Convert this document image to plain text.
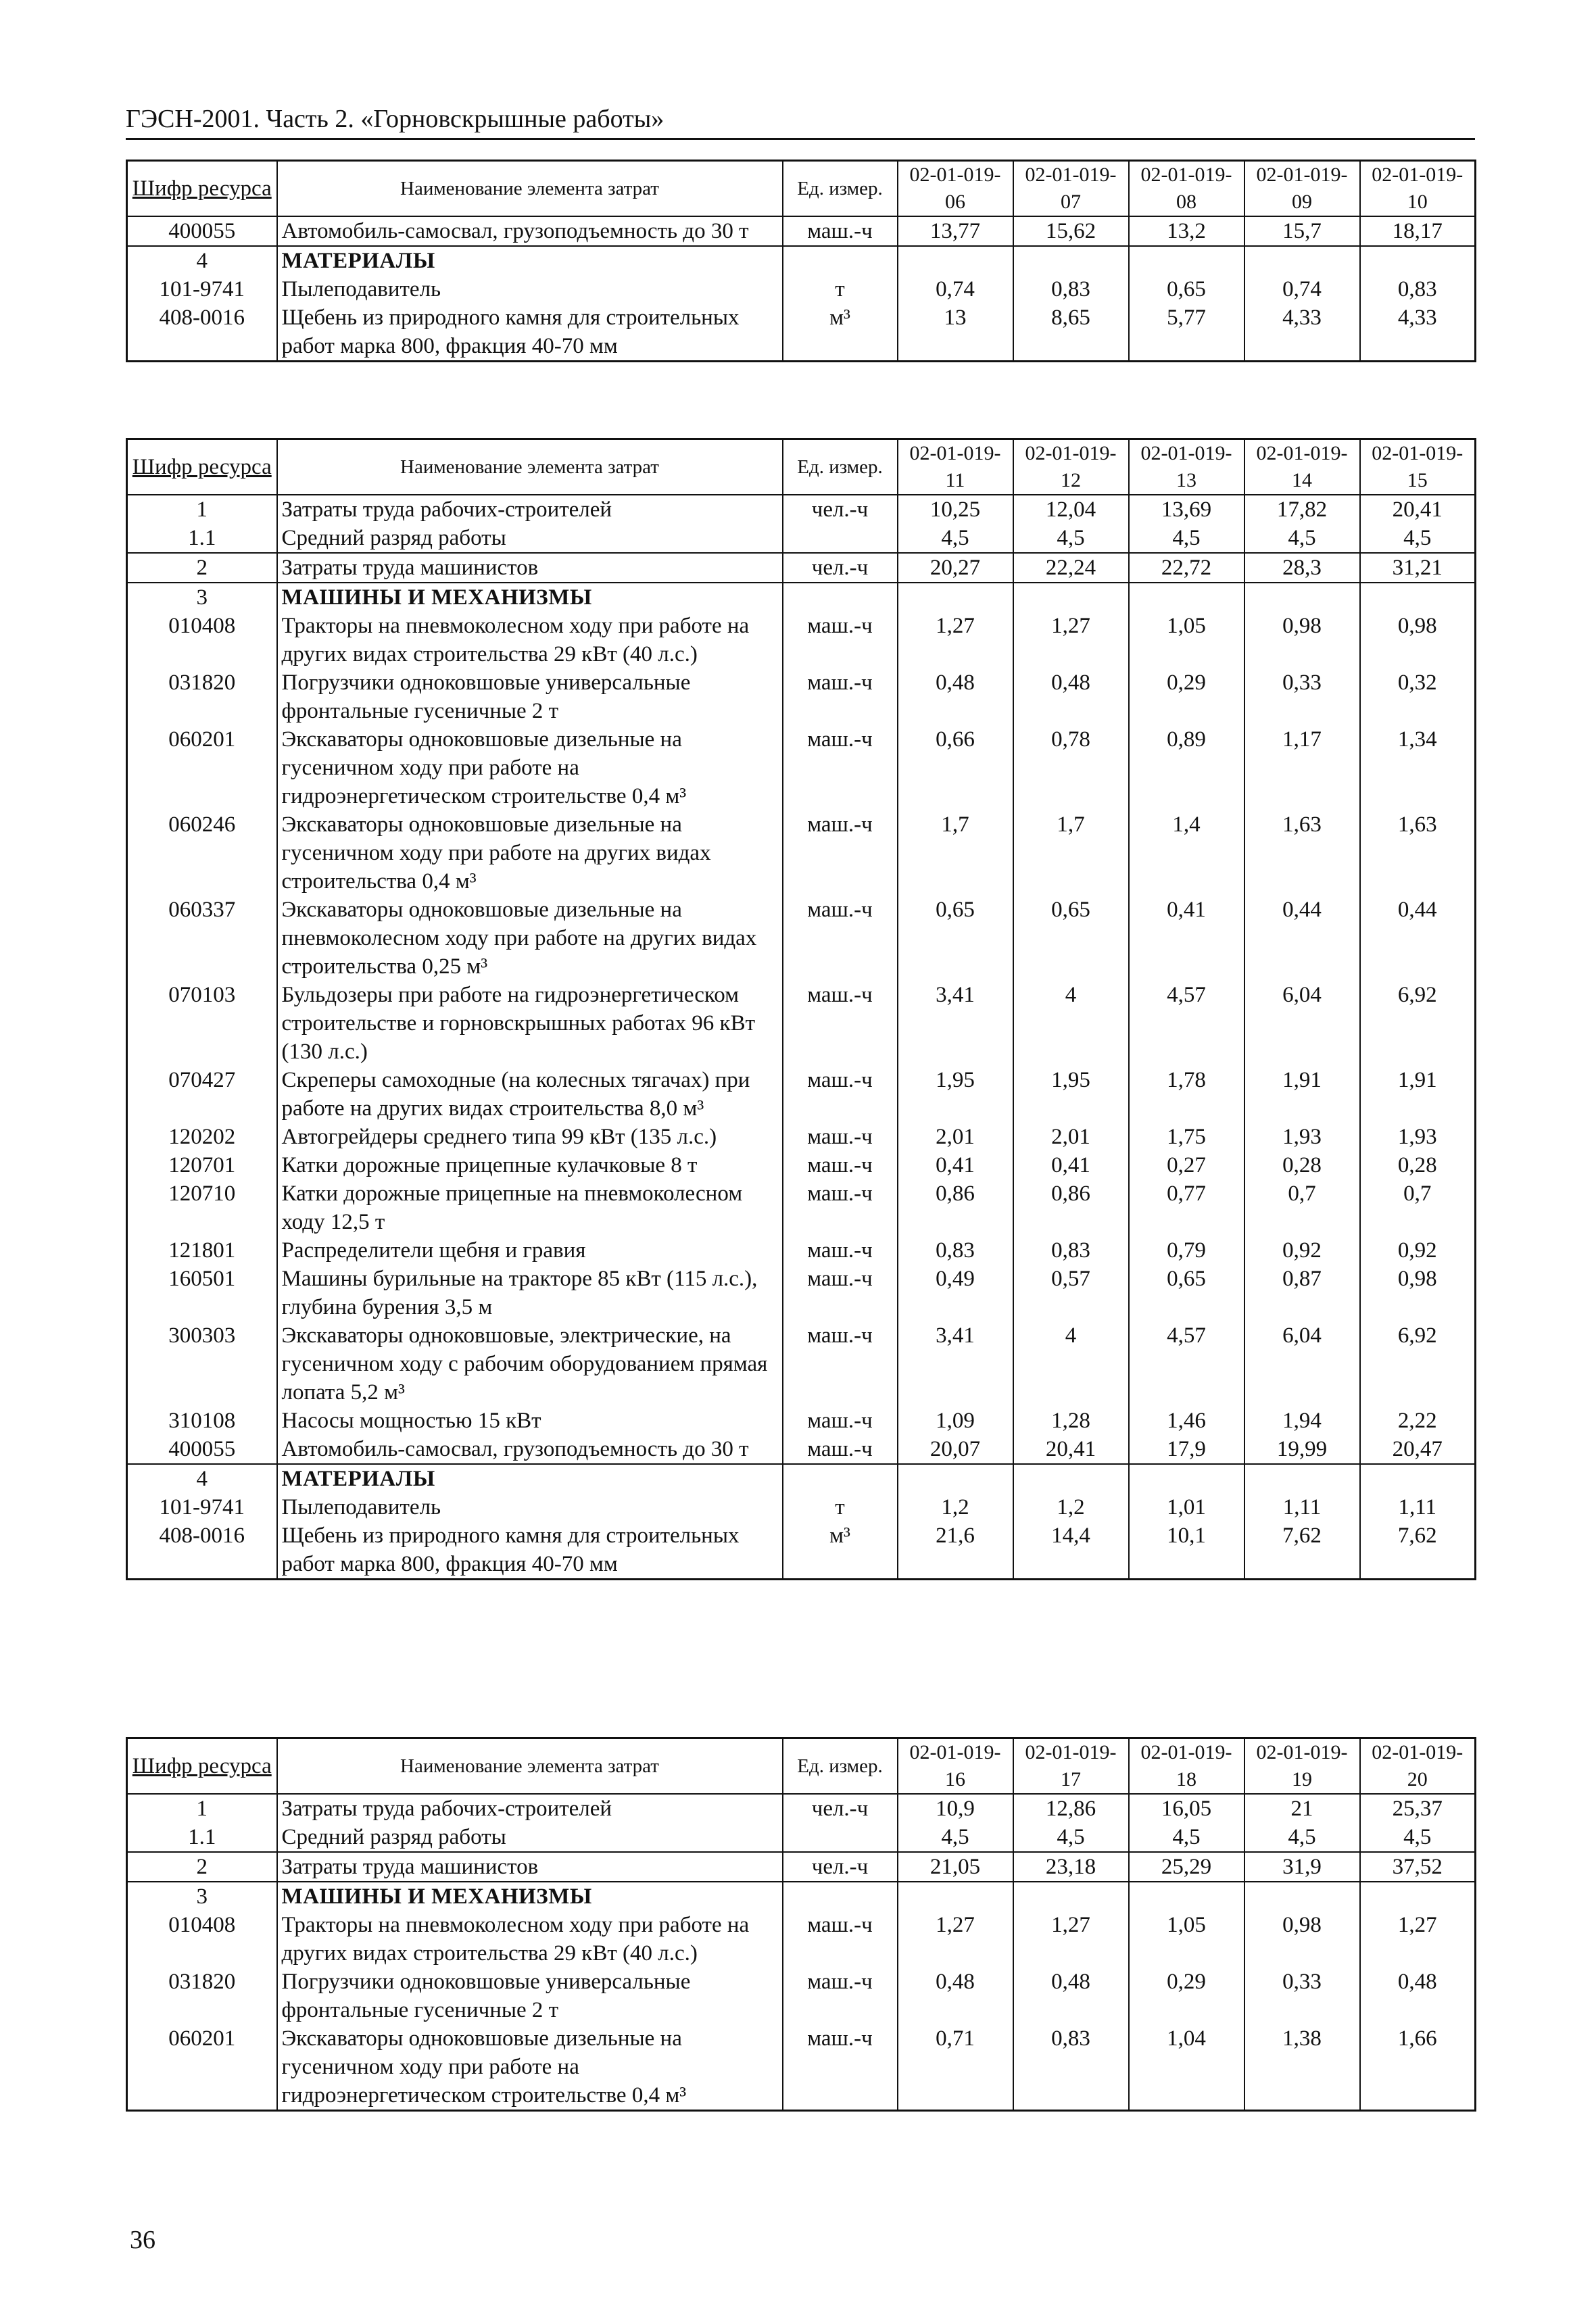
ГЭСН-2001. Часть 2. «Горновскрышные работы»
Шифр ресурса	Наименование элемента затрат	Ед. измер.	02-01-019-06	02-01-019-07	02-01-019-08	02-01-019-09	02-01-019-10

400055	Автомобиль-самосвал, грузоподъемность до 30 т	маш.-ч	13,77	15,62	13,2	15,7	18,17
4	МАТЕРИАЛЫ						
101-9741	Пылеподавитель	т	0,74	0,83	0,65	0,74	0,83
408-0016	Щебень из природного камня для строительных работ марка 800, фракция 40-70 мм	м³	13	8,65	5,77	4,33	4,33
Шифр ресурса	Наименование элемента затрат	Ед. измер.	02-01-019-11	02-01-019-12	02-01-019-13	02-01-019-14	02-01-019-15

1	Затраты труда рабочих-строителей	чел.-ч	10,25	12,04	13,69	17,82	20,41
1.1	Средний разряд работы		4,5	4,5	4,5	4,5	4,5
2	Затраты труда машинистов	чел.-ч	20,27	22,24	22,72	28,3	31,21
3	МАШИНЫ И МЕХАНИЗМЫ						
010408	Тракторы на пневмоколесном ходу при работе на других видах строительства 29 кВт (40 л.с.)	маш.-ч	1,27	1,27	1,05	0,98	0,98
031820	Погрузчики одноковшовые универсальные фронтальные гусеничные 2 т	маш.-ч	0,48	0,48	0,29	0,33	0,32
060201	Экскаваторы одноковшовые дизельные на гусеничном ходу при работе на гидроэнергетическом строительстве 0,4 м³	маш.-ч	0,66	0,78	0,89	1,17	1,34
060246	Экскаваторы одноковшовые дизельные на гусеничном ходу при работе на других видах строительства 0,4 м³	маш.-ч	1,7	1,7	1,4	1,63	1,63
060337	Экскаваторы одноковшовые дизельные на пневмоколесном ходу при работе на других видах строительства 0,25 м³	маш.-ч	0,65	0,65	0,41	0,44	0,44
070103	Бульдозеры при работе на гидроэнергетическом строительстве и горновскрышных работах 96 кВт (130 л.с.)	маш.-ч	3,41	4	4,57	6,04	6,92
070427	Скреперы самоходные (на колесных тягачах) при работе на других видах строительства 8,0 м³	маш.-ч	1,95	1,95	1,78	1,91	1,91
120202	Автогрейдеры среднего типа 99 кВт (135 л.с.)	маш.-ч	2,01	2,01	1,75	1,93	1,93
120701	Катки дорожные прицепные кулачковые 8 т	маш.-ч	0,41	0,41	0,27	0,28	0,28
120710	Катки дорожные прицепные на пневмоколесном ходу 12,5 т	маш.-ч	0,86	0,86	0,77	0,7	0,7
121801	Распределители щебня и гравия	маш.-ч	0,83	0,83	0,79	0,92	0,92
160501	Машины бурильные на тракторе 85 кВт (115 л.с.), глубина бурения 3,5 м	маш.-ч	0,49	0,57	0,65	0,87	0,98
300303	Экскаваторы одноковшовые, электрические, на гусеничном ходу с рабочим оборудованием прямая лопата 5,2 м³	маш.-ч	3,41	4	4,57	6,04	6,92
310108	Насосы мощностью 15 кВт	маш.-ч	1,09	1,28	1,46	1,94	2,22
400055	Автомобиль-самосвал, грузоподъемность до 30 т	маш.-ч	20,07	20,41	17,9	19,99	20,47
4	МАТЕРИАЛЫ						
101-9741	Пылеподавитель	т	1,2	1,2	1,01	1,11	1,11
408-0016	Щебень из природного камня для строительных работ марка 800, фракция 40-70 мм	м³	21,6	14,4	10,1	7,62	7,62
Шифр ресурса	Наименование элемента затрат	Ед. измер.	02-01-019-16	02-01-019-17	02-01-019-18	02-01-019-19	02-01-019-20

1	Затраты труда рабочих-строителей	чел.-ч	10,9	12,86	16,05	21	25,37
1.1	Средний разряд работы		4,5	4,5	4,5	4,5	4,5
2	Затраты труда машинистов	чел.-ч	21,05	23,18	25,29	31,9	37,52
3	МАШИНЫ И МЕХАНИЗМЫ						
010408	Тракторы на пневмоколесном ходу при работе на других видах строительства 29 кВт (40 л.с.)	маш.-ч	1,27	1,27	1,05	0,98	1,27
031820	Погрузчики одноковшовые универсальные фронтальные гусеничные 2 т	маш.-ч	0,48	0,48	0,29	0,33	0,48
060201	Экскаваторы одноковшовые дизельные на гусеничном ходу при работе на гидроэнергетическом строительстве 0,4 м³	маш.-ч	0,71	0,83	1,04	1,38	1,66
36
